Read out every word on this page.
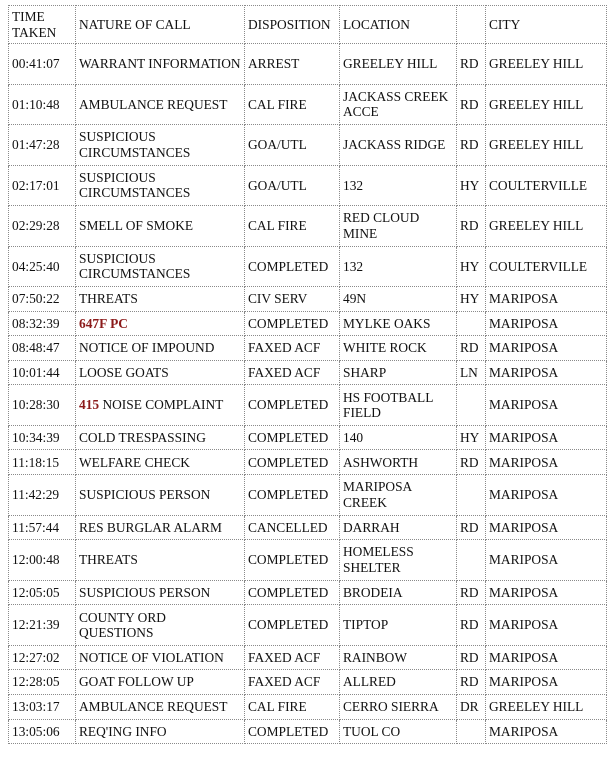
TIME TAKEN	NATURE OF CALL	DISPOSITION	LOCATION		CITY
00:41:07	WARRANT INFORMATION	ARREST	GREELEY HILL	RD	GREELEY HILL
01:10:48	AMBULANCE REQUEST	CAL FIRE	JACKASS CREEK ACCE	RD	GREELEY HILL
01:47:28	SUSPICIOUS CIRCUMSTANCES	GOA/UTL	JACKASS RIDGE	RD	GREELEY HILL
02:17:01	SUSPICIOUS CIRCUMSTANCES	GOA/UTL	132	HY	COULTERVILLE
02:29:28	SMELL OF SMOKE	CAL FIRE	RED CLOUD MINE	RD	GREELEY HILL
04:25:40	SUSPICIOUS CIRCUMSTANCES	COMPLETED	132	HY	COULTERVILLE
07:50:22	THREATS	CIV SERV	49N	HY	MARIPOSA
08:32:39	647F PC	COMPLETED	MYLKE OAKS		MARIPOSA
08:48:47	NOTICE OF IMPOUND	FAXED ACF	WHITE ROCK	RD	MARIPOSA
10:01:44	LOOSE GOATS	FAXED ACF	SHARP	LN	MARIPOSA
10:28:30	415 NOISE COMPLAINT	COMPLETED	HS FOOTBALL FIELD		MARIPOSA
10:34:39	COLD TRESPASSING	COMPLETED	140	HY	MARIPOSA
11:18:15	WELFARE CHECK	COMPLETED	ASHWORTH	RD	MARIPOSA
11:42:29	SUSPICIOUS PERSON	COMPLETED	MARIPOSA CREEK		MARIPOSA
11:57:44	RES BURGLAR ALARM	CANCELLED	DARRAH	RD	MARIPOSA
12:00:48	THREATS	COMPLETED	HOMELESS SHELTER		MARIPOSA
12:05:05	SUSPICIOUS PERSON	COMPLETED	BRODEIA	RD	MARIPOSA
12:21:39	COUNTY ORD QUESTIONS	COMPLETED	TIPTOP	RD	MARIPOSA
12:27:02	NOTICE OF VIOLATION	FAXED ACF	RAINBOW	RD	MARIPOSA
12:28:05	GOAT FOLLOW UP	FAXED ACF	ALLRED	RD	MARIPOSA
13:03:17	AMBULANCE REQUEST	CAL FIRE	CERRO SIERRA	DR	GREELEY HILL
13:05:06	REQ'ING INFO	COMPLETED	TUOL CO		MARIPOSA
